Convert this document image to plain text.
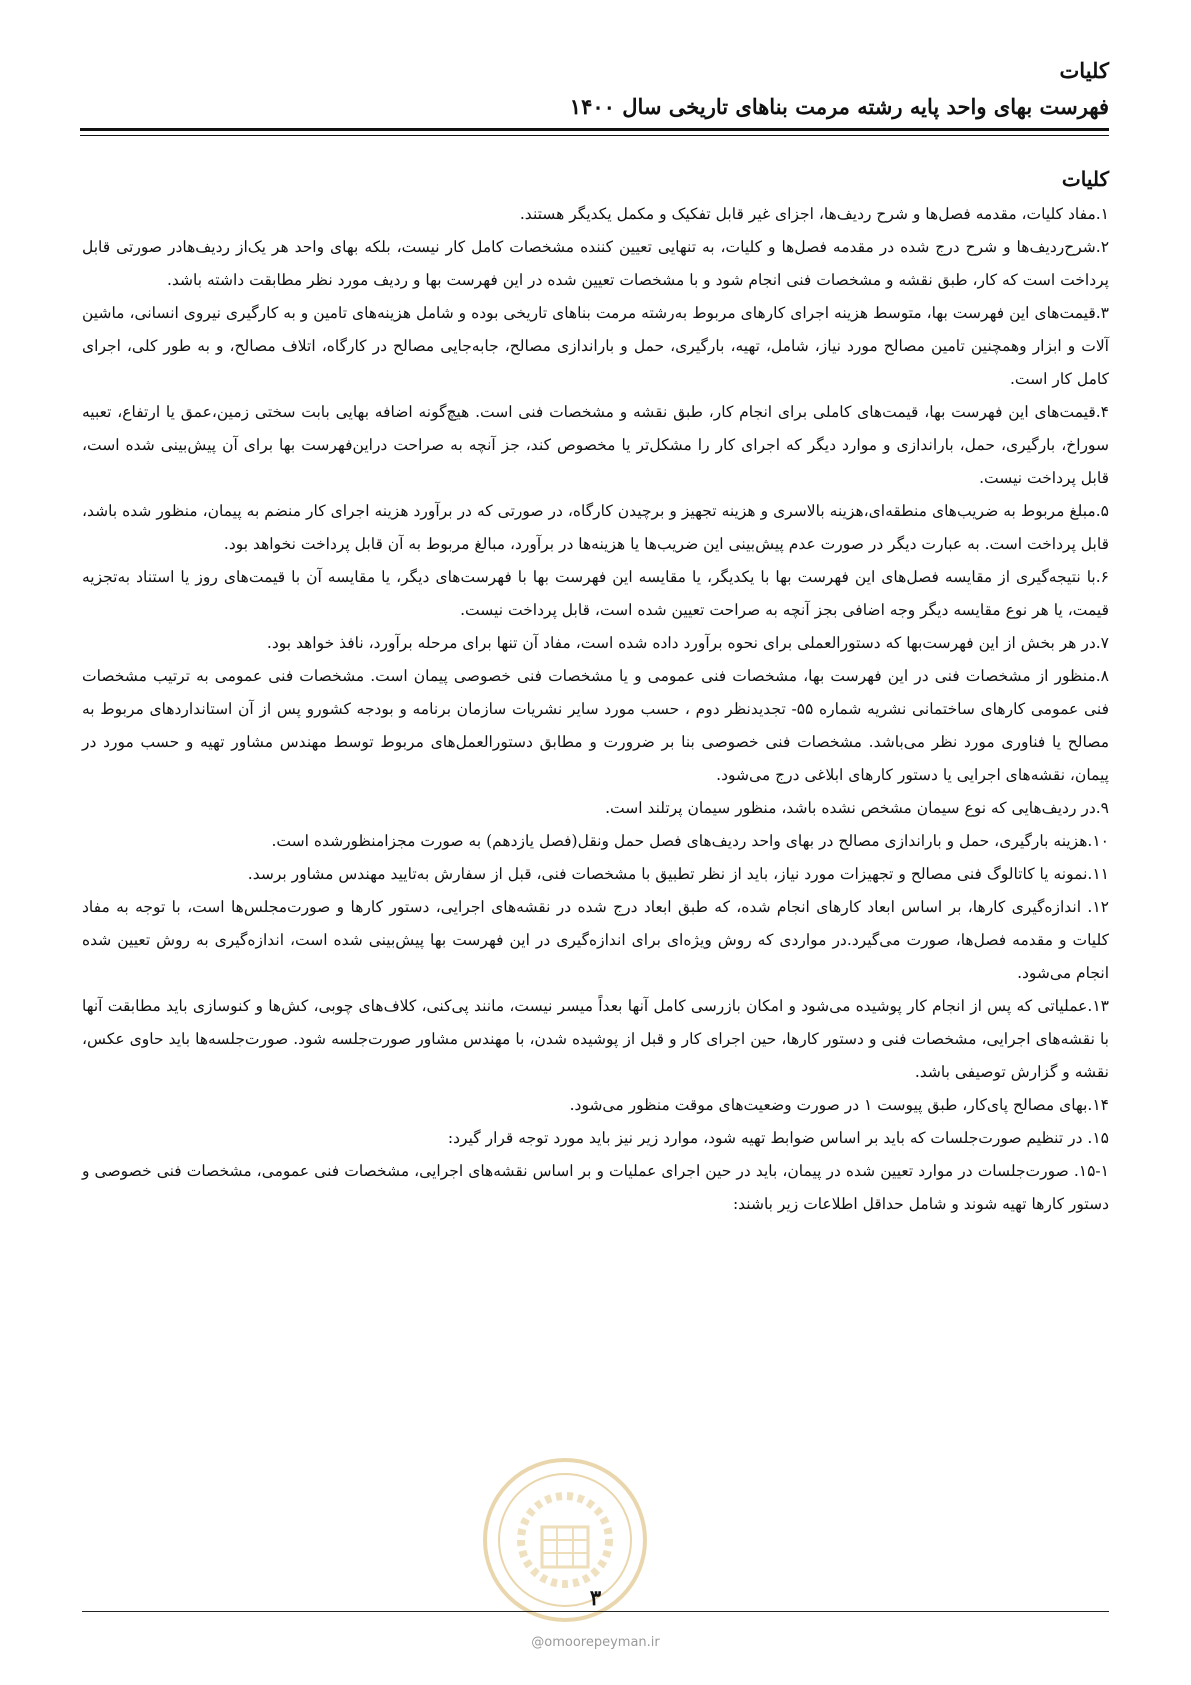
کلیات
فهرست بهای واحد پایه رشته مرمت بناهای تاریخی سال ۱۴۰۰
کلیات

۱.مفاد کلیات، مقدمه فصل‌ها و شرح ردیف‌ها، اجزای غیر قابل تفکیک و مکمل یکدیگر هستند.

۲.شرح‌ردیف‌ها و شرح درج شده در مقدمه فصل‌ها و کلیات، به تنهایی تعیین کننده مشخصات کامل کار نیست، بلکه بهای واحد هر یک‌از ردیف‌هادر صورتی قابل پرداخت است که کار، طبق نقشه و مشخصات فنی انجام شود و با مشخصات تعیین شده در این فهرست بها و ردیف مورد نظر مطابقت داشته باشد.

۳.قیمت‌های این فهرست بها، متوسط هزینه اجرای کارهای مربوط به‌رشته مرمت بناهای تاریخی بوده و شامل هزینه‌های تامین و به کارگیری نیروی انسانی، ماشین آلات و ابزار وهمچنین تامین مصالح مورد نیاز، شامل، تهیه، بارگیری، حمل و باراندازی مصالح، جابه‌جایی مصالح در کارگاه، اتلاف مصالح، و به طور کلی، اجرای کامل کار است.

۴.قیمت‌های این فهرست بها، قیمت‌های کاملی برای انجام کار، طبق نقشه و مشخصات فنی است. هیچ‌گونه اضافه بهایی بابت سختی زمین،عمق یا ارتفاع، تعبیه سوراخ، بارگیری، حمل، باراندازی و موارد دیگر که اجرای کار را مشکل‌تر یا مخصوص کند، جز آنچه به صراحت دراین‌فهرست بها برای آن پیش‌بینی شده است، قابل پرداخت نیست.

۵.مبلغ مربوط به ضریب‌های منطقه‌ای،هزینه بالاسری و هزینه تجهیز و برچیدن کارگاه، در صورتی که در برآورد هزینه اجرای کار منضم به پیمان، منظور شده باشد، قابل پرداخت است. به عبارت دیگر در صورت عدم پیش‌بینی این ضریب‌ها یا هزینه‌ها در برآورد، مبالغ مربوط به آن قابل پرداخت نخواهد بود.

۶.با نتیجه‌گیری از مقایسه فصل‌های این فهرست بها با یکدیگر، یا مقایسه این فهرست بها با فهرست‌های دیگر، یا مقایسه آن با قیمت‌های روز یا استناد به‌تجزیه قیمت، یا هر نوع مقایسه دیگر وجه اضافی بجز آنچه به صراحت تعیین شده است، قابل پرداخت نیست.

۷.در هر بخش از این فهرست‌بها که دستورالعملی برای نحوه برآورد داده شده است، مفاد آن تنها برای مرحله برآورد، نافذ خواهد بود.

۸.منظور از مشخصات فنی در این فهرست بها، مشخصات فنی عمومی و یا مشخصات فنی خصوصی پیمان است. مشخصات فنی عمومی به ترتیب مشخصات فنی عمومی کارهای ساختمانی نشریه شماره ۵۵- تجدیدنظر دوم ، حسب مورد سایر نشریات سازمان برنامه و بودجه کشورو پس از آن استانداردهای مربوط به مصالح یا فناوری مورد نظر می‌باشد. مشخصات فنی خصوصی بنا بر ضرورت و مطابق دستورالعمل‌های مربوط توسط مهندس مشاور تهیه و حسب مورد در پیمان، نقشه‌های اجرایی یا دستور کارهای ابلاغی درج می‌شود.

۹.در ردیف‌هایی که نوع سیمان مشخص نشده باشد، منظور سیمان پرتلند است.

۱۰.هزینه بارگیری، حمل و باراندازی مصالح در بهای واحد ردیف‌های فصل حمل ونقل(فصل یازدهم) به صورت مجزامنظورشده است.

۱۱.نمونه یا کاتالوگ فنی مصالح و تجهیزات مورد نیاز، باید از نظر تطبیق با مشخصات فنی، قبل از سفارش به‌تایید مهندس مشاور برسد.

۱۲. اندازه‌گیری کارها، بر اساس ابعاد کارهای انجام شده، که طبق ابعاد درج شده در نقشه‌های اجرایی، دستور کارها و صورت‌مجلس‌ها است، با توجه به مفاد کلیات و مقدمه فصل‌ها، صورت می‌گیرد.در مواردی که روش ویژه‌ای برای اندازه‌گیری در این فهرست بها پیش‌بینی شده است، اندازه‌گیری به روش تعیین شده انجام می‌شود.

۱۳.عملیاتی که پس از انجام کار پوشیده می‌شود و امکان بازرسی کامل آنها بعداً میسر نیست، مانند پی‌کنی، کلاف‌های چوبی، کش‌ها و کنوسازی باید مطابقت آنها با نقشه‌های اجرایی، مشخصات فنی و دستور کارها، حین اجرای کار و قبل از پوشیده شدن، با مهندس مشاور صورت‌جلسه شود. صورت‌جلسه‌ها باید حاوی عکس، نقشه و گزارش توصیفی باشد.

۱۴.بهای مصالح پای‌کار، طبق پیوست ۱ در صورت وضعیت‌های موقت منظور می‌شود.

۱۵. در تنظیم صورت‌جلسات که باید بر اساس ضوابط تهیه شود، موارد زیر نیز باید مورد توجه قرار گیرد:

۱۵-۱. صورت‌جلسات در موارد تعیین شده در پیمان، باید در حین اجرای عملیات و بر اساس نقشه‌های اجرایی، مشخصات فنی عمومی، مشخصات فنی خصوصی و دستور کارها تهیه شوند و شامل حداقل اطلاعات زیر باشند:

۳
@omoorepeyman.ir
